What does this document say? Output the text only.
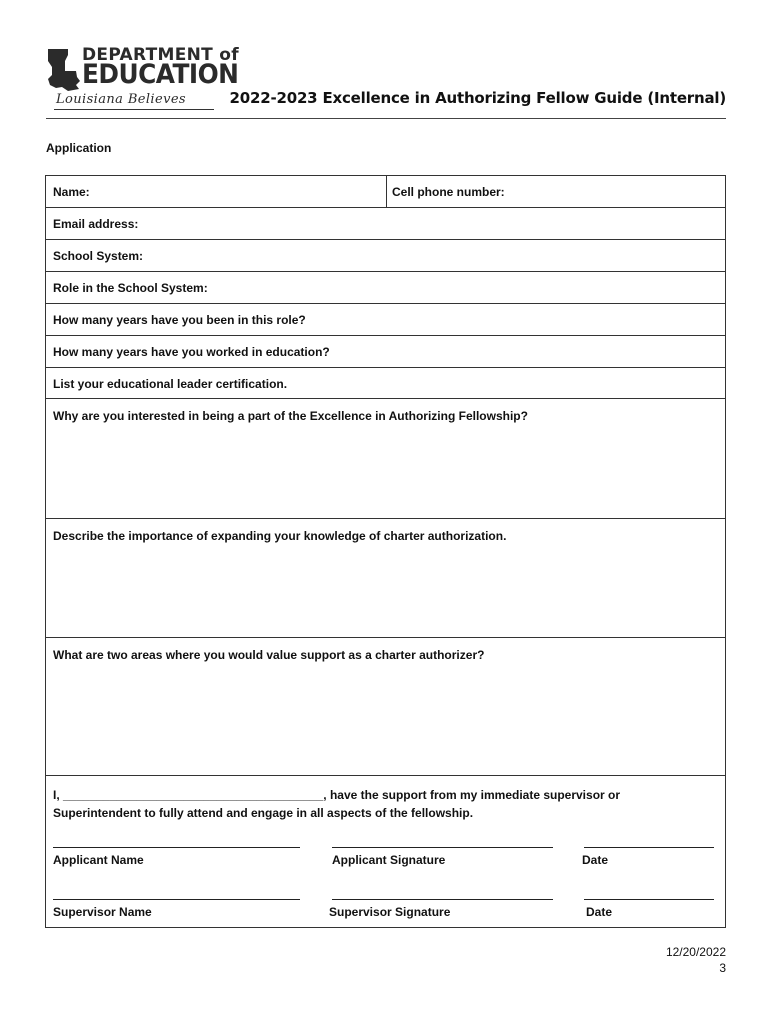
DEPARTMENT of
EDUCATION
Louisiana Believes	2022-2023 Excellence in Authorizing Fellow Guide (Internal)
Application
Name:	Cell phone number:
Email address:
School System:
Role in the School System:
How many years have you been in this role?
How many years have you worked in education?
List your educational leader certification.
Why are you interested in being a part of the Excellence in Authorizing Fellowship?
Describe the importance of expanding your knowledge of charter authorization.
What are two areas where you would value support as a charter authorizer?
I, _______________________________________, have the support from my immediate supervisor or
Superintendent to fully attend and engage in all aspects of the fellowship.
Applicant Name	Applicant Signature	Date
Supervisor Name	Supervisor Signature	Date
12/20/2022
3
